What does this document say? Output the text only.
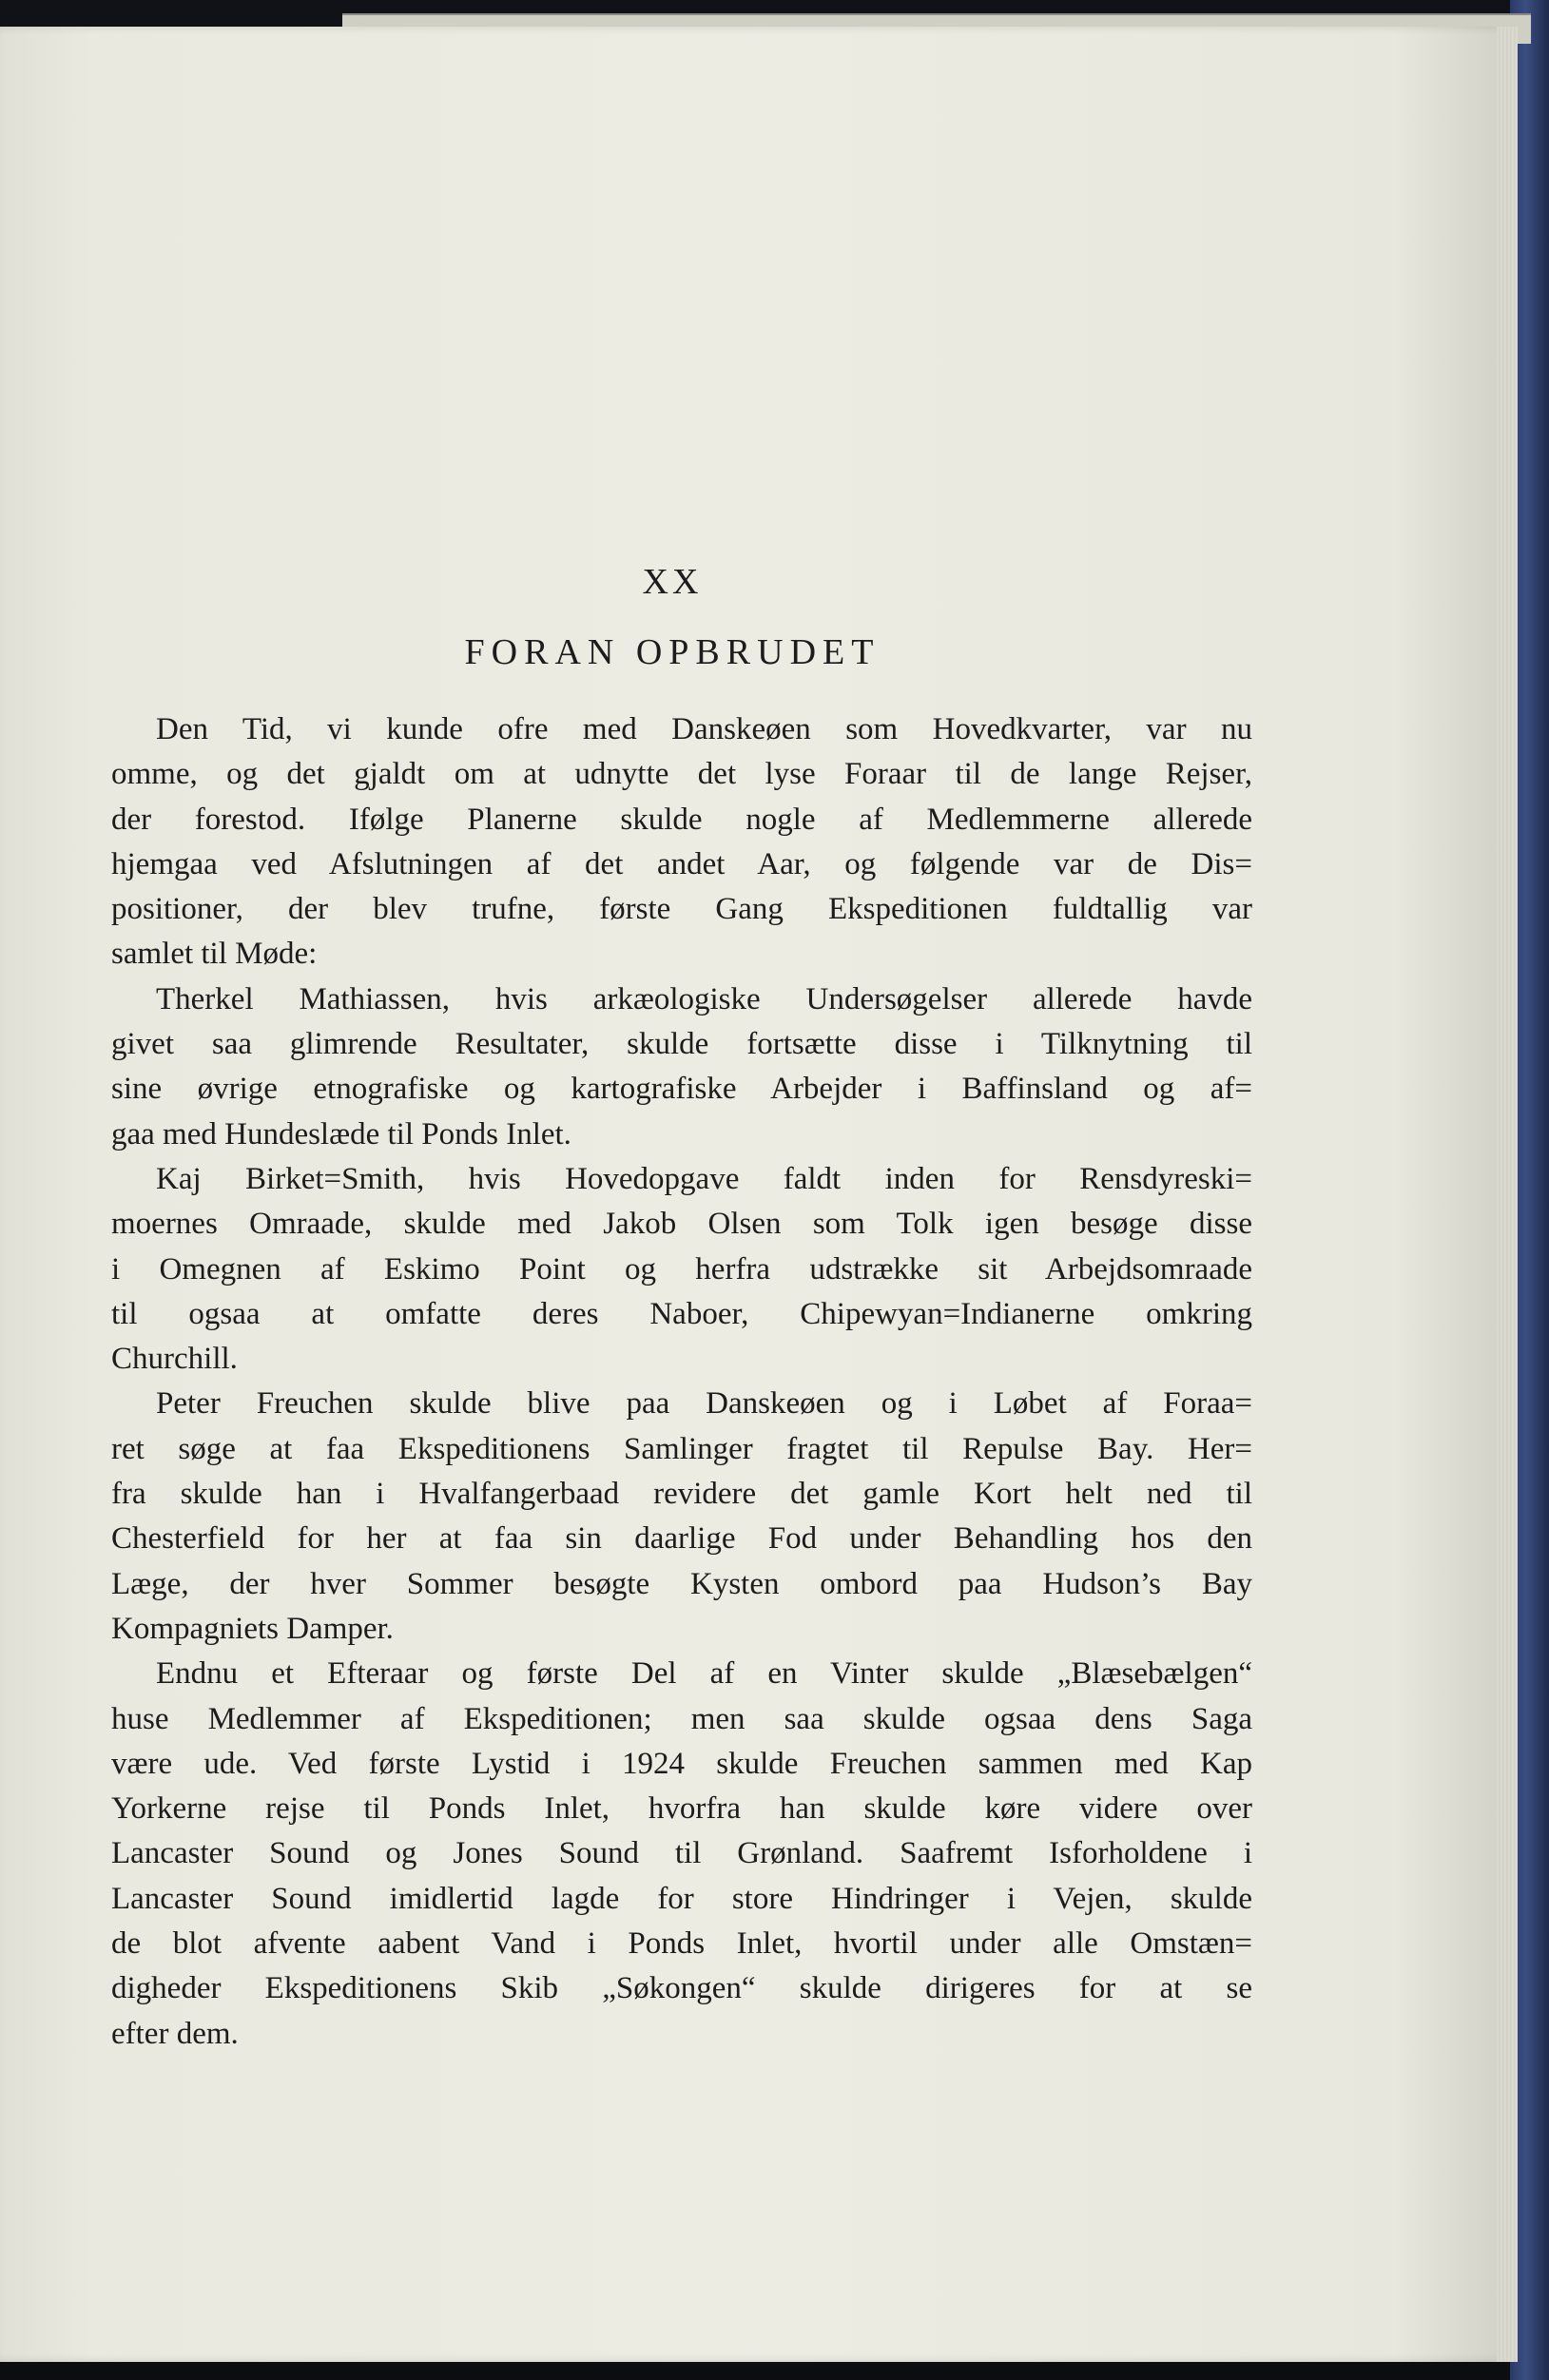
XX
FORAN OPBRUDET

Den Tid, vi kunde ofre med Danskeøen som Hovedkvarter, var nu
omme, og det gjaldt om at udnytte det lyse Foraar til de lange Rejser,
der forestod. Ifølge Planerne skulde nogle af Medlemmerne allerede
hjemgaa ved Afslutningen af det andet Aar, og følgende var de Dis=
positioner, der blev trufne, første Gang Ekspeditionen fuldtallig var
samlet til Møde:

Therkel Mathiassen, hvis arkæologiske Undersøgelser allerede havde
givet saa glimrende Resultater, skulde fortsætte disse i Tilknytning til
sine øvrige etnografiske og kartografiske Arbejder i Baffinsland og af=
gaa med Hundeslæde til Ponds Inlet.

Kaj Birket=Smith, hvis Hovedopgave faldt inden for Rensdyreski=
moernes Omraade, skulde med Jakob Olsen som Tolk igen besøge disse
i Omegnen af Eskimo Point og herfra udstrække sit Arbejdsomraade
til ogsaa at omfatte deres Naboer, Chipewyan=Indianerne omkring
Churchill.

Peter Freuchen skulde blive paa Danskeøen og i Løbet af Foraa=
ret søge at faa Ekspeditionens Samlinger fragtet til Repulse Bay. Her=
fra skulde han i Hvalfangerbaad revidere det gamle Kort helt ned til
Chesterfield for her at faa sin daarlige Fod under Behandling hos den
Læge, der hver Sommer besøgte Kysten ombord paa Hudson’s Bay
Kompagniets Damper.

Endnu et Efteraar og første Del af en Vinter skulde „Blæsebælgen“
huse Medlemmer af Ekspeditionen; men saa skulde ogsaa dens Saga
være ude. Ved første Lystid i 1924 skulde Freuchen sammen med Kap
Yorkerne rejse til Ponds Inlet, hvorfra han skulde køre videre over
Lancaster Sound og Jones Sound til Grønland. Saafremt Isforholdene i
Lancaster Sound imidlertid lagde for store Hindringer i Vejen, skulde
de blot afvente aabent Vand i Ponds Inlet, hvortil under alle Omstæn=
digheder Ekspeditionens Skib „Søkongen“ skulde dirigeres for at se
efter dem.
